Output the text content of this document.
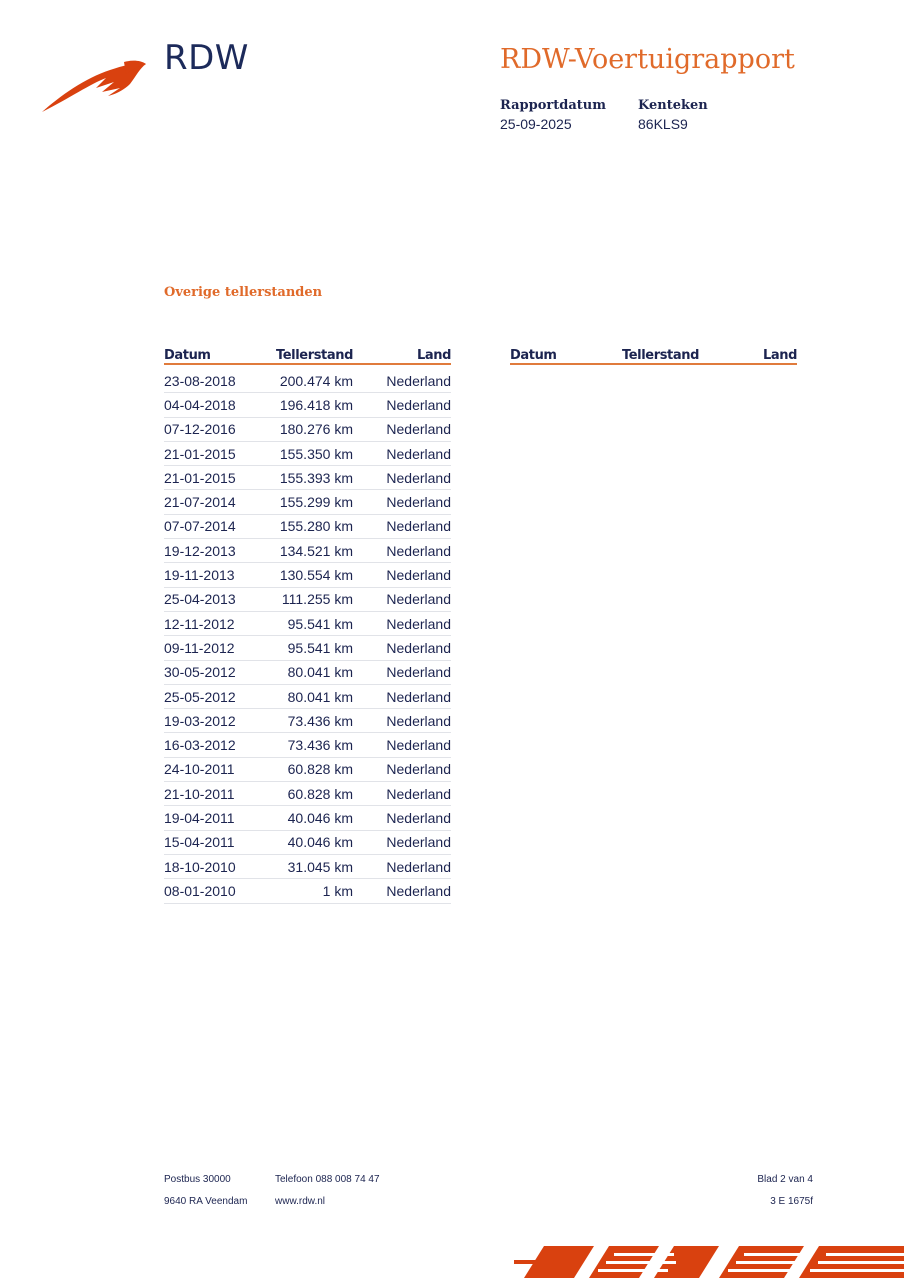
RDW	RDW-Voertuigrapport
Rapportdatum
25-09-2025
Kenteken
86KLS9
Overige tellerstanden
Datum	Tellerstand	Land
23-08-2018	200.474 km	Nederland
04-04-2018	196.418 km	Nederland
07-12-2016	180.276 km	Nederland
21-01-2015	155.350 km	Nederland
21-01-2015	155.393 km	Nederland
21-07-2014	155.299 km	Nederland
07-07-2014	155.280 km	Nederland
19-12-2013	134.521 km	Nederland
19-11-2013	130.554 km	Nederland
25-04-2013	111.255 km	Nederland
12-11-2012	95.541 km	Nederland
09-11-2012	95.541 km	Nederland
30-05-2012	80.041 km	Nederland
25-05-2012	80.041 km	Nederland
19-03-2012	73.436 km	Nederland
16-03-2012	73.436 km	Nederland
24-10-2011	60.828 km	Nederland
21-10-2011	60.828 km	Nederland
19-04-2011	40.046 km	Nederland
15-04-2011	40.046 km	Nederland
18-10-2010	31.045 km	Nederland
08-01-2010	1 km	Nederland
Datum	Tellerstand	Land
Postbus 30000
9640 RA Veendam
Telefoon 088 008 74 47
www.rdw.nl
Blad 2 van 4
3 E 1675f
